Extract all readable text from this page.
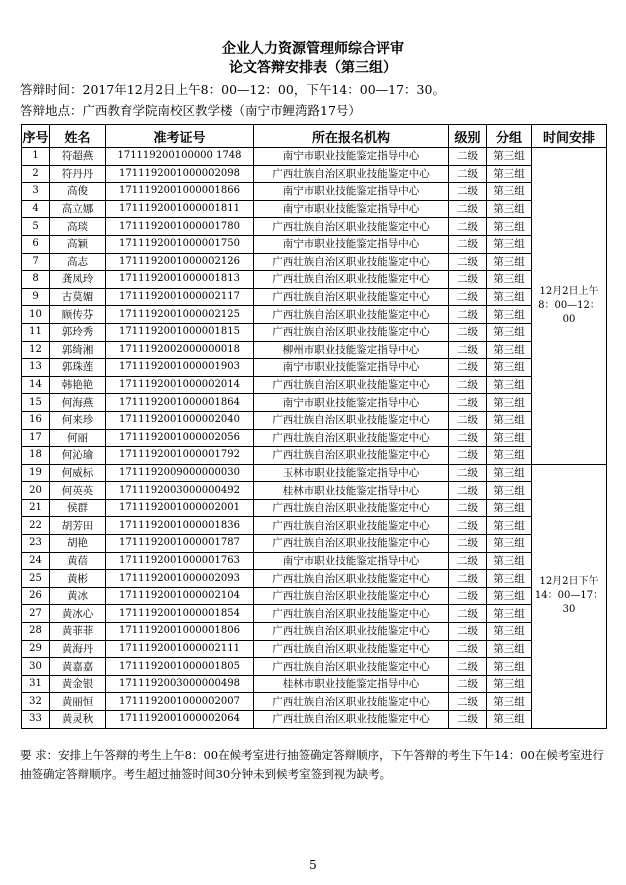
企业人力资源管理师综合评审
论文答辩安排表（第三组）
答辩时间：2017年12月2日上午8：00—12：00，下午14：00—17：30。
答辩地点：广西教育学院南校区教学楼（南宁市鲤湾路17号）
序号	姓名	准考证号	所在报名机构	级别	分组	时间安排
1	符超燕	171119200100000 1748	南宁市职业技能鉴定指导中心	二级	第三组	12月2日上午 8：00—12：00
2	符丹丹	1711192001000002098	广西壮族自治区职业技能鉴定中心	二级	第三组	
3	高俊	1711192001000001866	南宁市职业技能鉴定指导中心	二级	第三组	
4	高立娜	1711192001000001811	南宁市职业技能鉴定指导中心	二级	第三组	
5	高琰	1711192001000001780	广西壮族自治区职业技能鉴定中心	二级	第三组	
6	高颖	1711192001000001750	南宁市职业技能鉴定指导中心	二级	第三组	
7	高志	1711192001000002126	广西壮族自治区职业技能鉴定中心	二级	第三组	
8	龚凤玲	1711192001000001813	广西壮族自治区职业技能鉴定中心	二级	第三组	
9	古莫媚	1711192001000002117	广西壮族自治区职业技能鉴定中心	二级	第三组	
10	顾传芬	1711192001000002125	广西壮族自治区职业技能鉴定中心	二级	第三组	
11	郭玲秀	1711192001000001815	广西壮族自治区职业技能鉴定中心	二级	第三组	
12	郭绮湘	1711192002000000018	柳州市职业技能鉴定指导中心	二级	第三组	
13	郭珠莲	1711192001000001903	南宁市职业技能鉴定指导中心	二级	第三组	
14	韩艳艳	1711192001000002014	广西壮族自治区职业技能鉴定中心	二级	第三组	
15	何海燕	1711192001000001864	南宁市职业技能鉴定指导中心	二级	第三组	
16	何来珍	1711192001000002040	广西壮族自治区职业技能鉴定中心	二级	第三组	
17	何丽	1711192001000002056	广西壮族自治区职业技能鉴定中心	二级	第三组	
18	何沁瑜	1711192001000001792	广西壮族自治区职业技能鉴定中心	二级	第三组	
19	何威标	1711192009000000030	玉林市职业技能鉴定指导中心	二级	第三组	12月2日下午 14：00—17：30
20	何英英	1711192003000000492	桂林市职业技能鉴定指导中心	二级	第三组	
21	侯群	1711192001000002001	广西壮族自治区职业技能鉴定中心	二级	第三组	
22	胡芳田	1711192001000001836	广西壮族自治区职业技能鉴定中心	二级	第三组	
23	胡艳	1711192001000001787	广西壮族自治区职业技能鉴定中心	二级	第三组	
24	黄蓓	1711192001000001763	南宁市职业技能鉴定指导中心	二级	第三组	
25	黄彬	1711192001000002093	广西壮族自治区职业技能鉴定中心	二级	第三组	
26	黄冰	1711192001000002104	广西壮族自治区职业技能鉴定中心	二级	第三组	
27	黄冰心	1711192001000001854	广西壮族自治区职业技能鉴定中心	二级	第三组	
28	黄菲菲	1711192001000001806	广西壮族自治区职业技能鉴定中心	二级	第三组	
29	黄海丹	1711192001000002111	广西壮族自治区职业技能鉴定中心	二级	第三组	
30	黄嘉嘉	1711192001000001805	广西壮族自治区职业技能鉴定中心	二级	第三组	
31	黄金银	1711192003000000498	桂林市职业技能鉴定指导中心	二级	第三组	
32	黄丽恒	1711192001000002007	广西壮族自治区职业技能鉴定中心	二级	第三组	
33	黄灵秋	1711192001000002064	广西壮族自治区职业技能鉴定中心	二级	第三组	
要 求：安排上午答辩的考生上午8：00在候考室进行抽签确定答辩顺序，下午答辩的考生下午14：00在候考室进行抽签确定答辩顺序。考生超过抽签时间30分钟未到候考室签到视为缺考。
5
